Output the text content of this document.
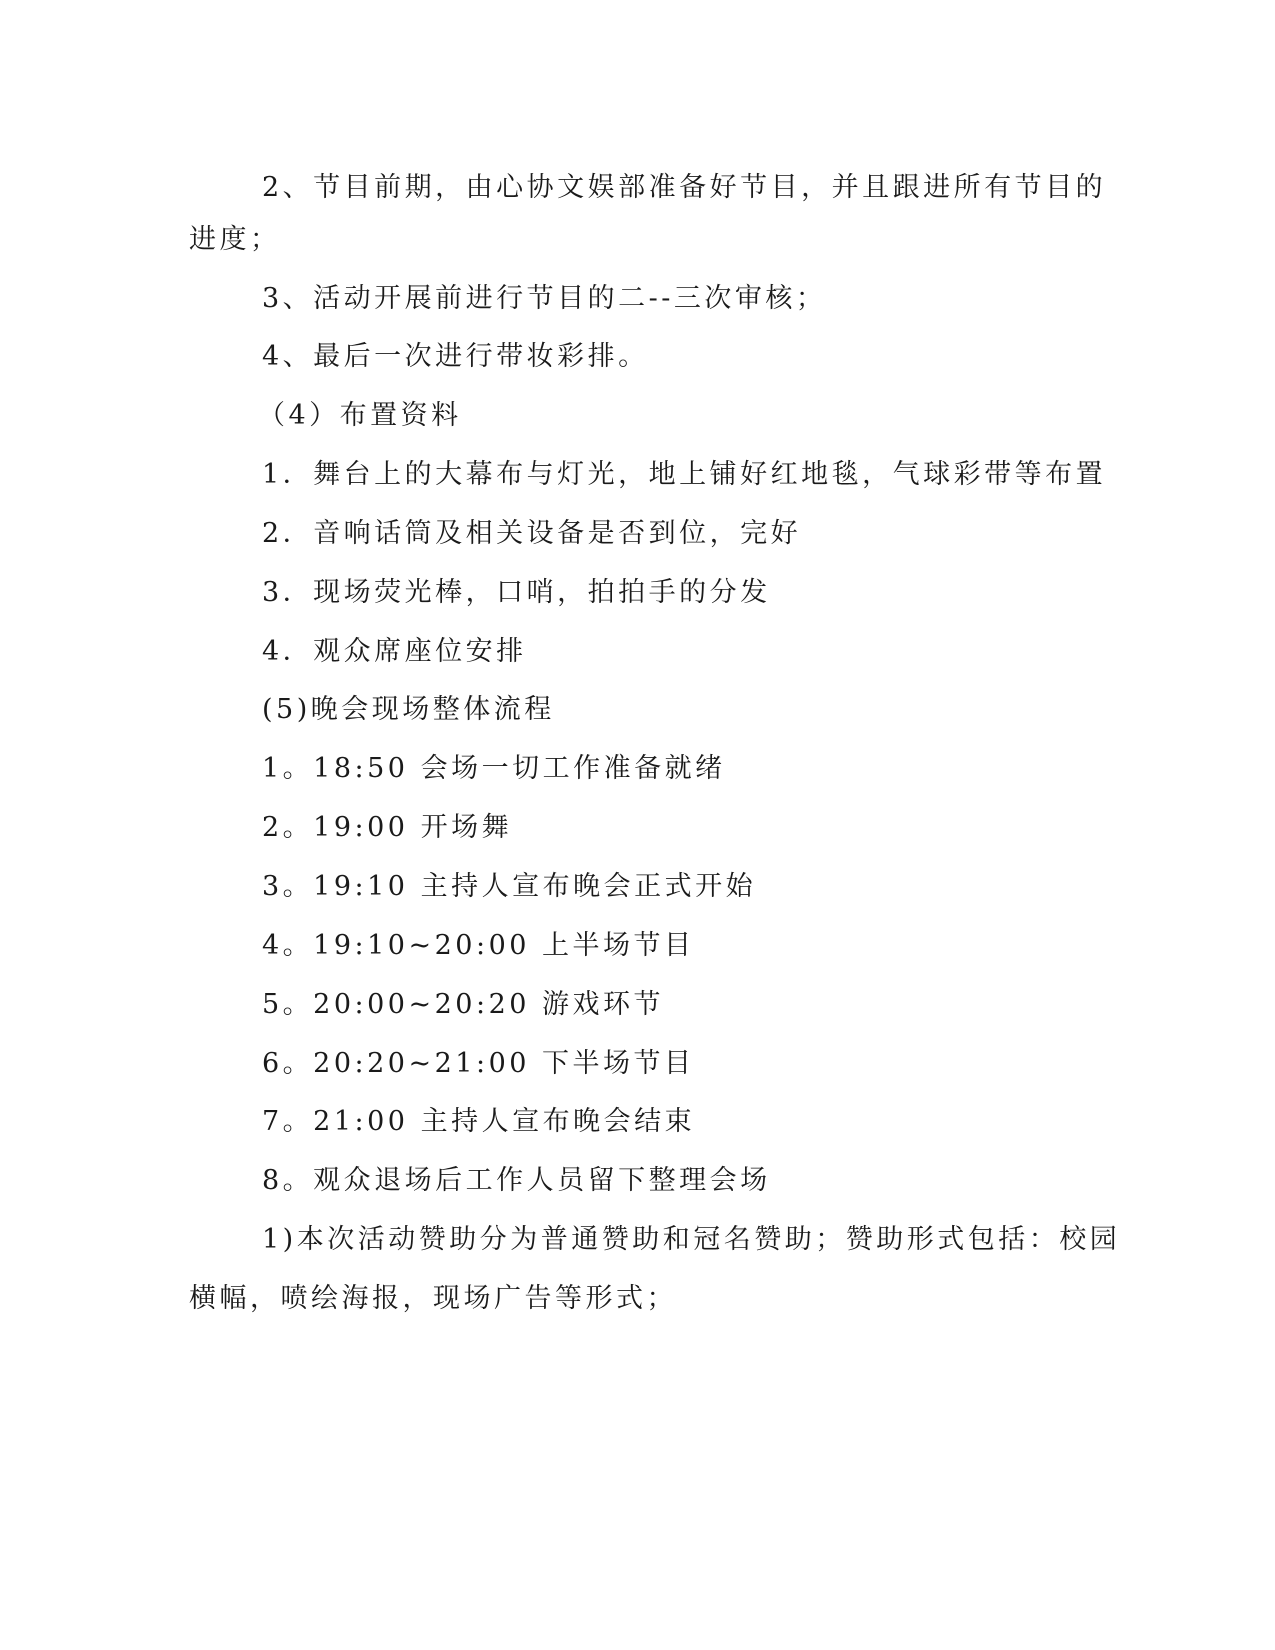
2、节目前期，由心协文娱部准备好节目，并且跟进所有节目的
进度；
3、活动开展前进行节目的二--三次审核；
4、最后一次进行带妆彩排。
（4）布置资料
1．舞台上的大幕布与灯光，地上铺好红地毯，气球彩带等布置
2．音响话筒及相关设备是否到位，完好
3．现场荧光棒，口哨，拍拍手的分发
4．观众席座位安排
(5)晚会现场整体流程
1。18:50 会场一切工作准备就绪
2。19:00 开场舞
3。19:10 主持人宣布晚会正式开始
4。19:10~20:00 上半场节目
5。20:00~20:20 游戏环节
6。20:20~21:00 下半场节目
7。21:00 主持人宣布晚会结束
8。观众退场后工作人员留下整理会场
1)本次活动赞助分为普通赞助和冠名赞助；赞助形式包括：校园
横幅，喷绘海报，现场广告等形式；
